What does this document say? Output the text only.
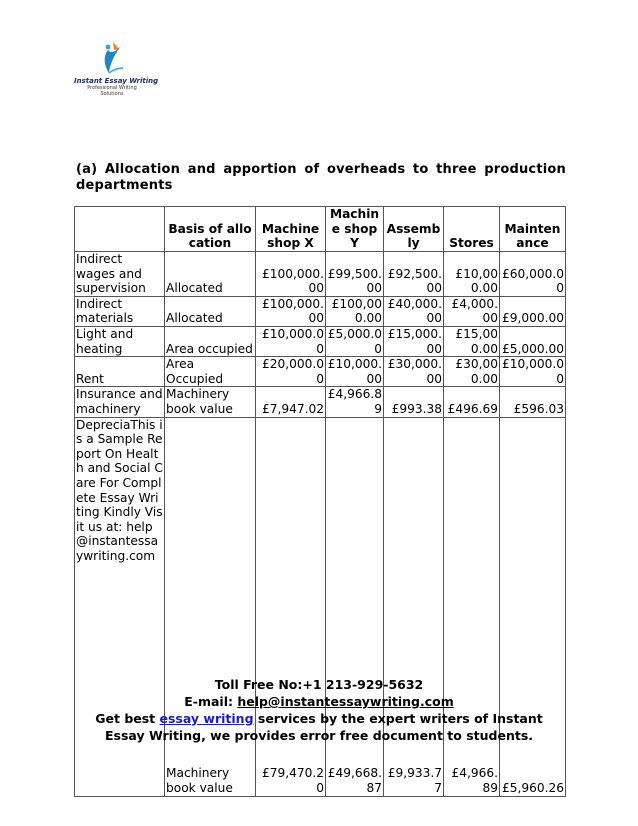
Instant Essay Writing
Professional Writing
Solutions
(a) Allocation and apportion of overheads to three production departments
	Basis of allocation	Machine shop X	Machine shop Y	Assembly	Stores	Maintenance
Indirect wages and supervision	Allocated	£100,000.00	£99,500.00	£92,500.00	£10,000.00	£60,000.00
Indirect materials	Allocated	£100,000.00	£100,000.00	£40,000.00	£4,000.00	£9,000.00
Light and heating	Area occupied	£10,000.00	£5,000.00	£15,000.00	£15,000.00	£5,000.00
Rent	Area Occupied	£20,000.00	£10,000.00	£30,000.00	£30,000.00	£10,000.00
Insurance and machinery	Machinery book value	£7,947.02	£4,966.89	£993.38	£496.69	£596.03
DepreciaThis is a Sample Report On Health and Social Care For Complete Essay Writing Kindly Visit us at: help@instantessaywriting.com	Machinery book value	£79,470.20	£49,668.87	£9,933.77	£4,966.89	£5,960.26
Toll Free No:+1 213-929-5632
E-mail: help@instantessaywriting.com
Get best essay writing services by the expert writers of Instant Essay Writing, we provides error free document to students.
